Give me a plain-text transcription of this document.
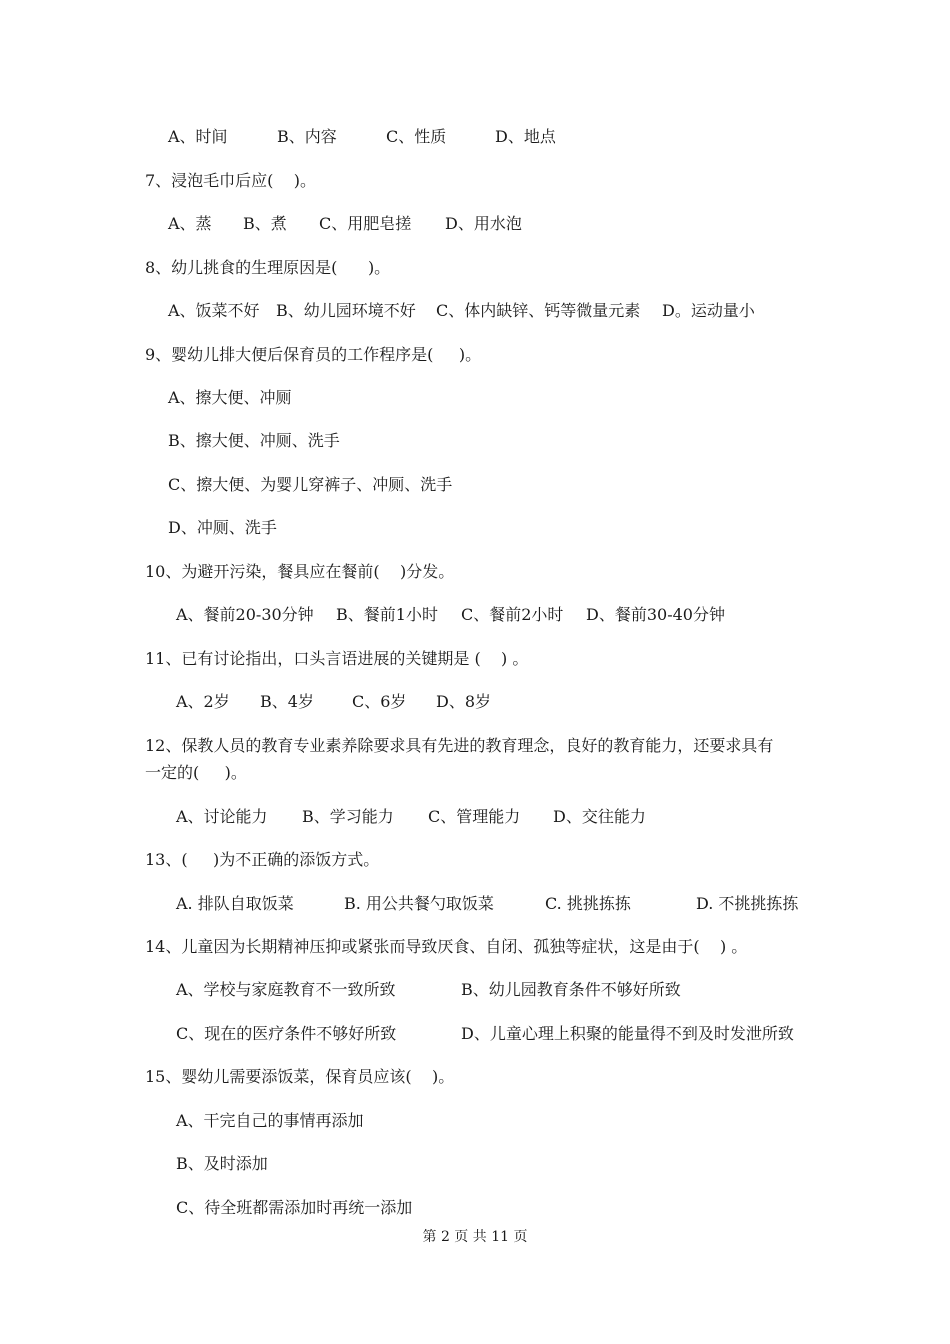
A、时间

	B、内容

	C、性质

	D、地点

7、浸泡毛巾后应(    )。

A、蒸

B、煮

C、用肥皂搓

D、用水泡

8、幼儿挑食的生理原因是(      )。

A、饭菜不好

B、幼儿园环境不好

C、体内缺锌、钙等微量元素

D。运动量小

9、婴幼儿排大便后保育员的工作程序是(     )。
A、擦大便、冲厕
B、擦大便、冲厕、洗手
C、擦大便、为婴儿穿裤子、冲厕、洗手
D、冲厕、洗手
10、为避开污染，餐具应在餐前(    )分发。

A、餐前20-30分钟

B、餐前1小时

C、餐前2小时

D、餐前30-40分钟

11、已有讨论指出，口头言语进展的关键期是 (    ) 。

A、2岁

B、4岁

C、6岁

D、8岁

12、保教人员的教育专业素养除要求具有先进的教育理念，良好的教育能力，还要求具有
一定的(     )。

A、讨论能力

B、学习能力

C、管理能力

D、交往能力

13、(     )为不正确的添饭方式。

A. 排队自取饭菜

	B. 用公共餐勺取饭菜

	C. 挑挑拣拣

	D. 不挑挑拣拣

14、儿童因为长期精神压抑或紧张而导致厌食、自闭、孤独等症状，这是由于(    ) 。

A、学校与家庭教育不一致所致

	B、幼儿园教育条件不够好所致

C、现在的医疗条件不够好所致

	D、儿童心理上积聚的能量得不到及时发泄所致

15、婴幼儿需要添饭菜，保育员应该(    )。
A、干完自己的事情再添加
B、及时添加
C、待全班都需添加时再统一添加
第 2 页 共 11 页
